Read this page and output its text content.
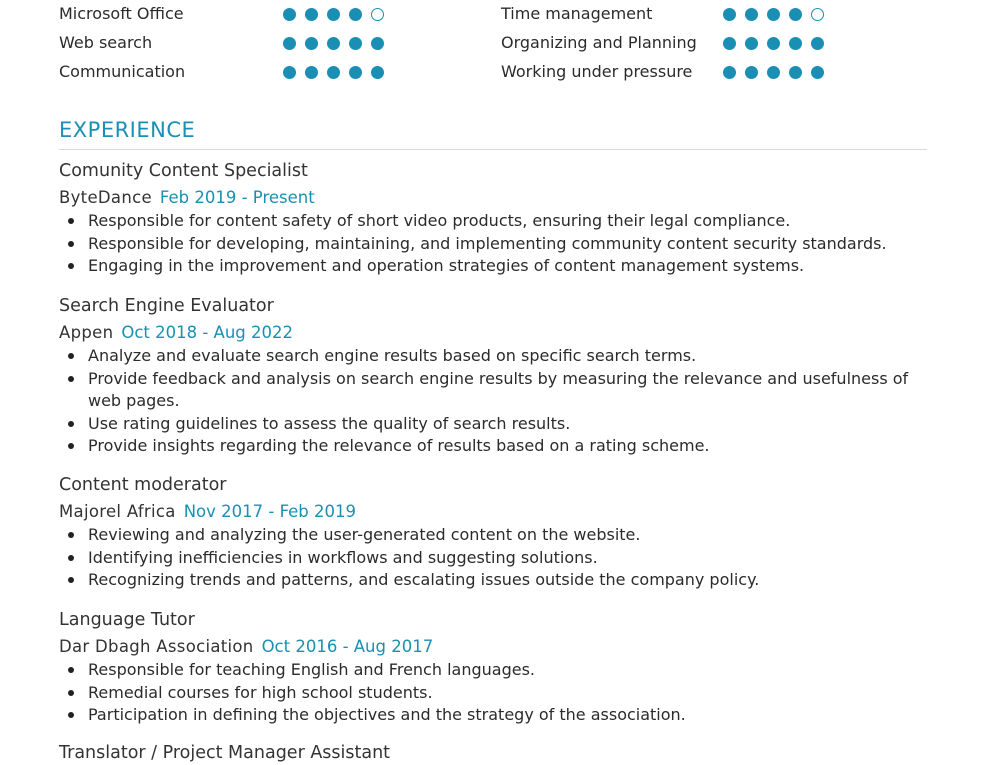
Microsoft Office
Web search
Communication
Time management
Organizing and Planning
Working under pressure
EXPERIENCE
Comunity Content Specialist
ByteDance Feb 2019 - Present
Responsible for content safety of short video products, ensuring their legal compliance.
Responsible for developing, maintaining, and implementing community content security standards.
Engaging in the improvement and operation strategies of content management systems.
Search Engine Evaluator
Appen Oct 2018 - Aug 2022
Analyze and evaluate search engine results based on specific search terms.
Provide feedback and analysis on search engine results by measuring the relevance and usefulness of web pages.
Use rating guidelines to assess the quality of search results.
Provide insights regarding the relevance of results based on a rating scheme.
Content moderator
Majorel Africa Nov 2017 - Feb 2019
Reviewing and analyzing the user-generated content on the website.
Identifying inefficiencies in workflows and suggesting solutions.
Recognizing trends and patterns, and escalating issues outside the company policy.
Language Tutor
Dar Dbagh Association Oct 2016 - Aug 2017
Responsible for teaching English and French languages.
Remedial courses for high school students.
Participation in defining the objectives and the strategy of the association.
Translator / Project Manager Assistant
